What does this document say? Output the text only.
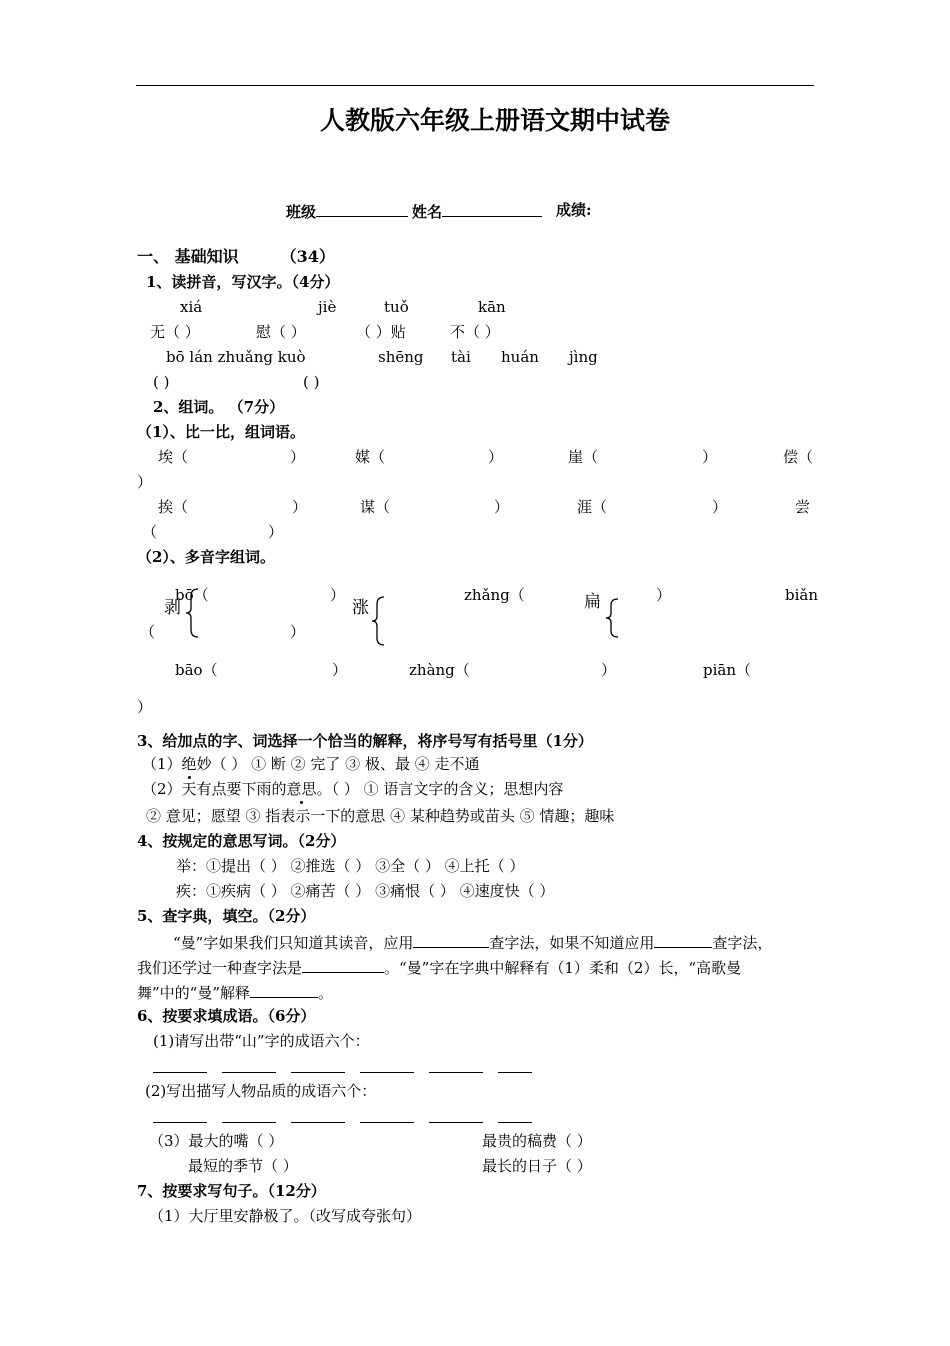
人教版六年级上册语文期中试卷
班级	姓名	成绩:
一、 基础知识	（34）
1、读拼音，写汉字。（4分）
xiá	jiè	tuǒ	kān
无（ ）	慰（ ）	（ ）贴	不（ ）
bō lán zhuǎng kuò	shēng tài huán jìng
( )	( )
2、组词。 （7分）
（1）、比一比，组词语。
埃（	）	媒（	）	崖（	）	偿（
）
挨（	）	谋（	）	涯（	）	尝
（	）
（2）、多音字组词。
bō（	）	zhǎng（	）	biǎn
剥	涨	扁
（	）
bāo（	）	zhàng（	）	piān（
）
3、给加点的字、词选择一个恰当的解释，将序号写有括号里（1分）
（1）绝妙（ ） ① 断 ② 完了 ③ 极、最 ④ 走不通
（2）天有点要下雨的意思。（ ） ① 语言文字的含义；思想内容
② 意见；愿望 ③ 指表示一下的意思 ④ 某种趋势或苗头 ⑤ 情趣；趣味
4、按规定的意思写词。（2分）
举：①提出（ ） ②推选（ ） ③全（ ） ④上托（ ）
疾：①疾病（ ） ②痛苦（ ） ③痛恨（ ） ④速度快（ ）
5、查字典，填空。（2分）
“曼”字如果我们只知道其读音，应用	查字法，如果不知道应用	查字法，
我们还学过一种查字法是	。“曼”字在字典中解释有（1）柔和（2）长，“高歌曼
舞”中的“曼”解释	。
6、按要求填成语。（6分）
(1)请写出带“山”字的成语六个：
(2)写出描写人物品质的成语六个：
（3）最大的嘴（ ）	最贵的稿费（ ）
最短的季节（ ）	最长的日子（ ）
7、按要求写句子。（12分）
（1）大厅里安静极了。（改写成夸张句）
